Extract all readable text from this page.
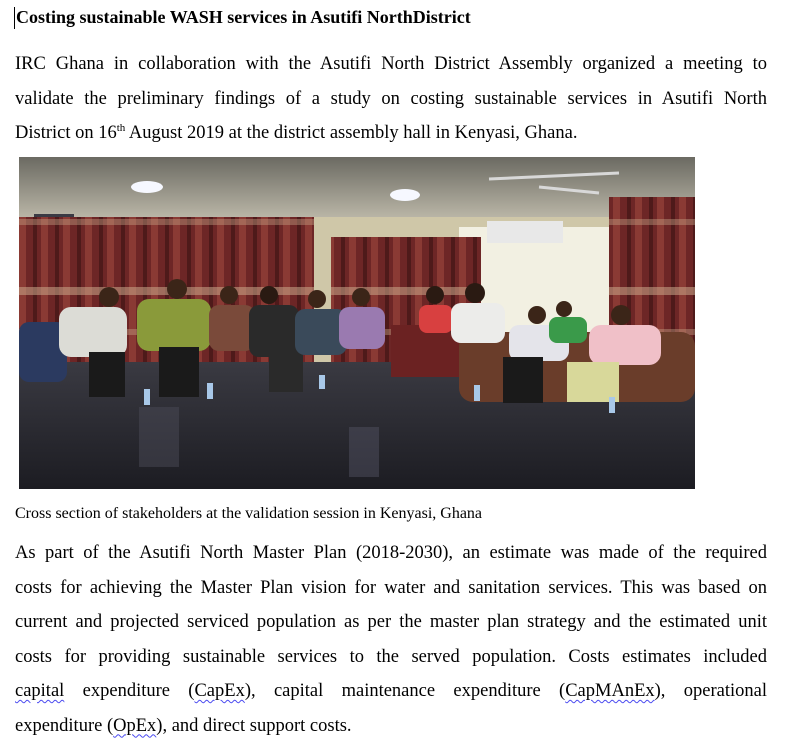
Costing sustainable WASH services in Asutifi NorthDistrict
IRC Ghana in collaboration with the Asutifi North District Assembly organized a meeting to
validate the preliminary findings of a study on costing sustainable services in Asutifi North
District on 16th August 2019 at the district assembly hall in Kenyasi, Ghana.
Cross section of stakeholders at the validation session in Kenyasi, Ghana
As part of the Asutifi North Master Plan (2018-2030), an estimate was made of the required
costs for achieving the Master Plan vision for water and sanitation services. This was based on
current and projected serviced population as per the master plan strategy and the estimated unit
costs for providing sustainable services to the served population. Costs estimates included
capital expenditure (CapEx), capital maintenance expenditure (CapMAnEx), operational
expenditure (OpEx), and direct support costs.
